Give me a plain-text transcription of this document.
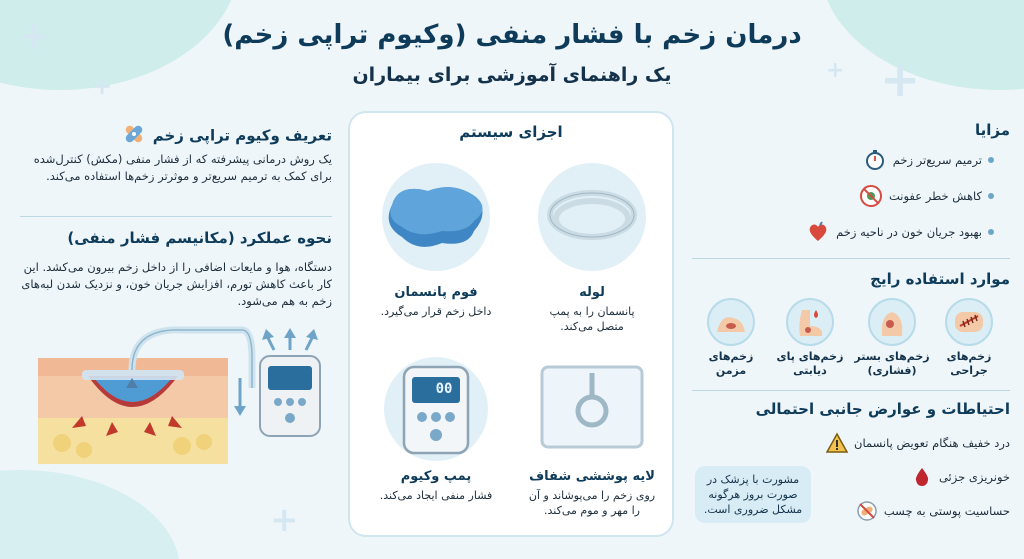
+
+	+
+
+
درمان زخم با فشار منفی (وکیوم تراپی زخم)
یک راهنمای آموزشی برای بیماران
تعریف وکیوم تراپی زخم
یک روش درمانی پیشرفته که از فشار منفی (مکش) کنترل‌شده برای کمک به ترمیم سریع‌تر و موثرتر زخم‌ها استفاده می‌کند.
نحوه عملکرد (مکانیسم فشار منفی)
دستگاه، هوا و مایعات اضافی را از داخل زخم بیرون می‌کشد. این کار باعث کاهش تورم، افزایش جریان خون، و نزدیک شدن لبه‌های زخم به هم می‌شود.
اجزای سیستم
لوله
پانسمان را به پمپ متصل می‌کند.
فوم پانسمان
داخل زخم قرار می‌گیرد.
لایه پوششی شفاف
روی زخم را می‌پوشاند و آن را مهر و موم می‌کند.
00
پمپ وکیوم
فشار منفی ایجاد می‌کند.
مزایا
ترمیم سریع‌تر زخم
کاهش خطر عفونت
بهبود جریان خون در ناحیه زخم
موارد استفاده رایج
زخم‌های جراحی
زخم‌های بستر (فشاری)
زخم‌های پای دیابتی
زخم‌های مزمن
احتیاطات و عوارض جانبی احتمالی
درد خفیف هنگام تعویض پانسمان
خونریزی جزئی
حساسیت پوستی به چسب
مشورت با پزشک در صورت بروز هرگونه مشکل ضروری است.
